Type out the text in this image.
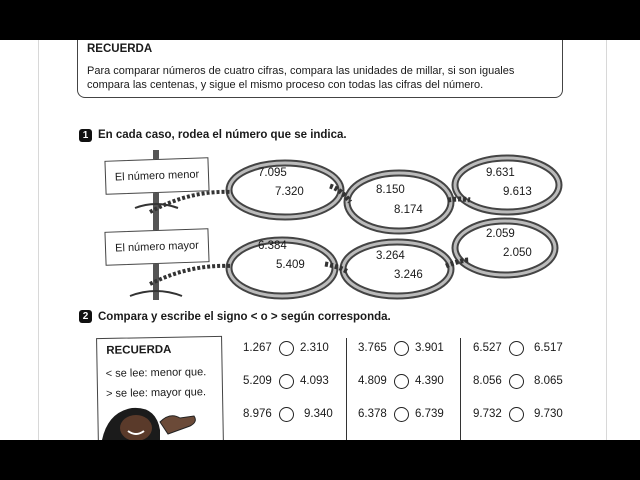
RECUERDA
Para comparar números de cuatro cifras, compara las unidades de millar, si son iguales
compara las centenas, y sigue el mismo proceso con todas las cifras del número.
1 En cada caso, rodea el número que se indica.
El número menor
El número mayor
7.095
7.320	8.150
8.174
9.631
9.613
6.384
5.409
3.264
3.246
2.059
2.050
2 Compara y escribe el signo < o > según corresponda.
RECUERDA
< se lee: menor que.
> se lee: mayor que.
1.267 2.310
5.209 4.093
8.976	9.340
3.765 3.901
4.809 4.390
6.378 6.739
6.527	6.517
8.056	8.065
9.732	9.730
